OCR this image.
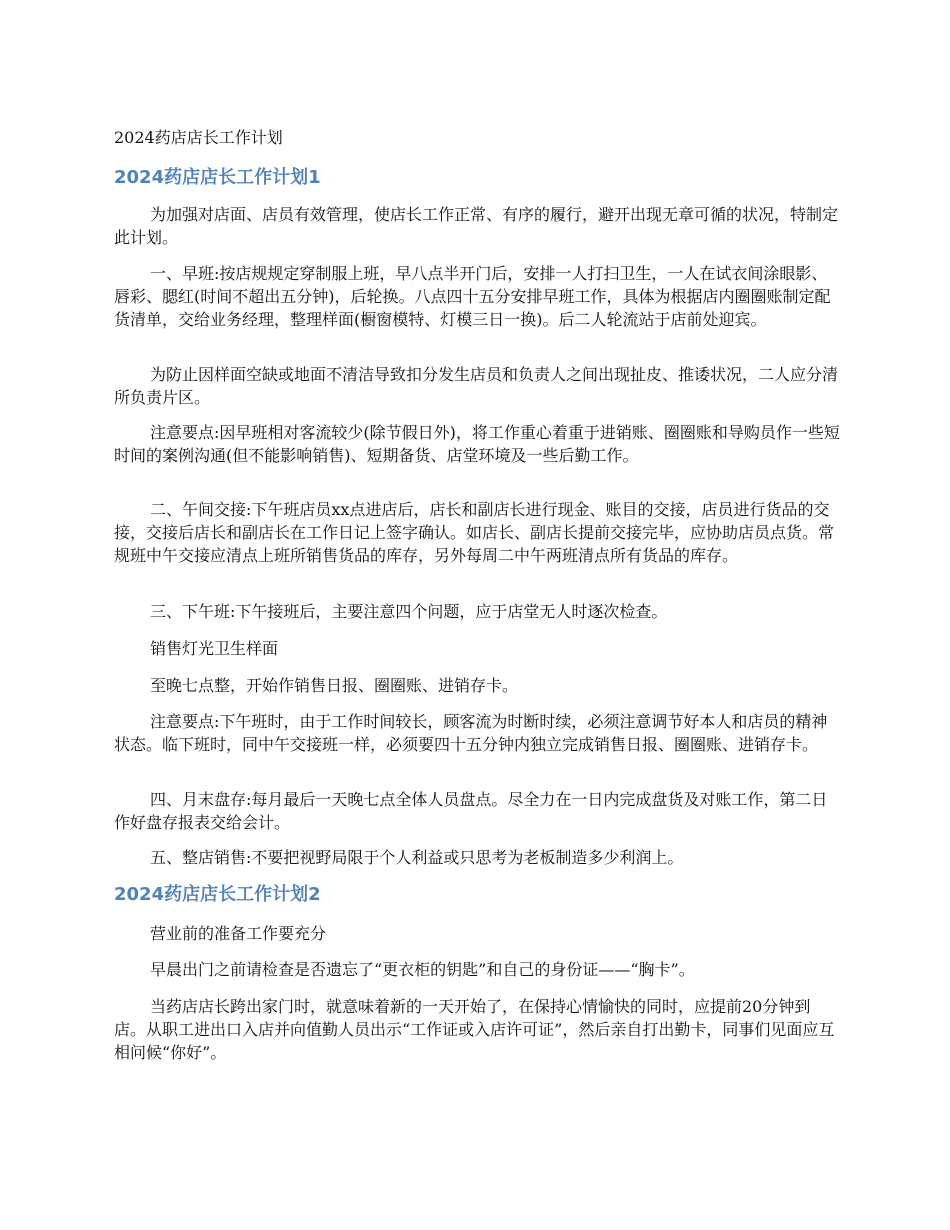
2024药店店长工作计划

2024药店店长工作计划1

为加强对店面、店员有效管理，使店长工作正常、有序的履行，避开出现无章可循的状况，特制定此计划。

一、早班:按店规规定穿制服上班，早八点半开门后，安排一人打扫卫生，一人在试衣间涂眼影、唇彩、腮红(时间不超出五分钟)，后轮换。八点四十五分安排早班工作，具体为根据店内圈圈账制定配货清单，交给业务经理，整理样面(橱窗模特、灯模三日一换)。后二人轮流站于店前处迎宾。

为防止因样面空缺或地面不清洁导致扣分发生店员和负责人之间出现扯皮、推诿状况，二人应分清所负责片区。

注意要点:因早班相对客流较少(除节假日外)，将工作重心着重于进销账、圈圈账和导购员作一些短时间的案例沟通(但不能影响销售)、短期备货、店堂环境及一些后勤工作。

二、午间交接:下午班店员xx点进店后，店长和副店长进行现金、账目的交接，店员进行货品的交接，交接后店长和副店长在工作日记上签字确认。如店长、副店长提前交接完毕，应协助店员点货。常规班中午交接应清点上班所销售货品的库存，另外每周二中午两班清点所有货品的库存。

三、下午班:下午接班后，主要注意四个问题，应于店堂无人时逐次检查。

销售灯光卫生样面

至晚七点整，开始作销售日报、圈圈账、进销存卡。

注意要点:下午班时，由于工作时间较长，顾客流为时断时续，必须注意调节好本人和店员的精神状态。临下班时，同中午交接班一样，必须要四十五分钟内独立完成销售日报、圈圈账、进销存卡。

四、月末盘存:每月最后一天晚七点全体人员盘点。尽全力在一日内完成盘货及对账工作，第二日作好盘存报表交给会计。

五、整店销售:不要把视野局限于个人利益或只思考为老板制造多少利润上。

2024药店店长工作计划2

营业前的准备工作要充分

早晨出门之前请检查是否遗忘了“更衣柜的钥匙”和自己的身份证——“胸卡”。

当药店店长跨出家门时，就意味着新的一天开始了，在保持心情愉快的同时，应提前20分钟到店。从职工进出口入店并向值勤人员出示“工作证或入店许可证”，然后亲自打出勤卡，同事们见面应互相问候“你好”。
